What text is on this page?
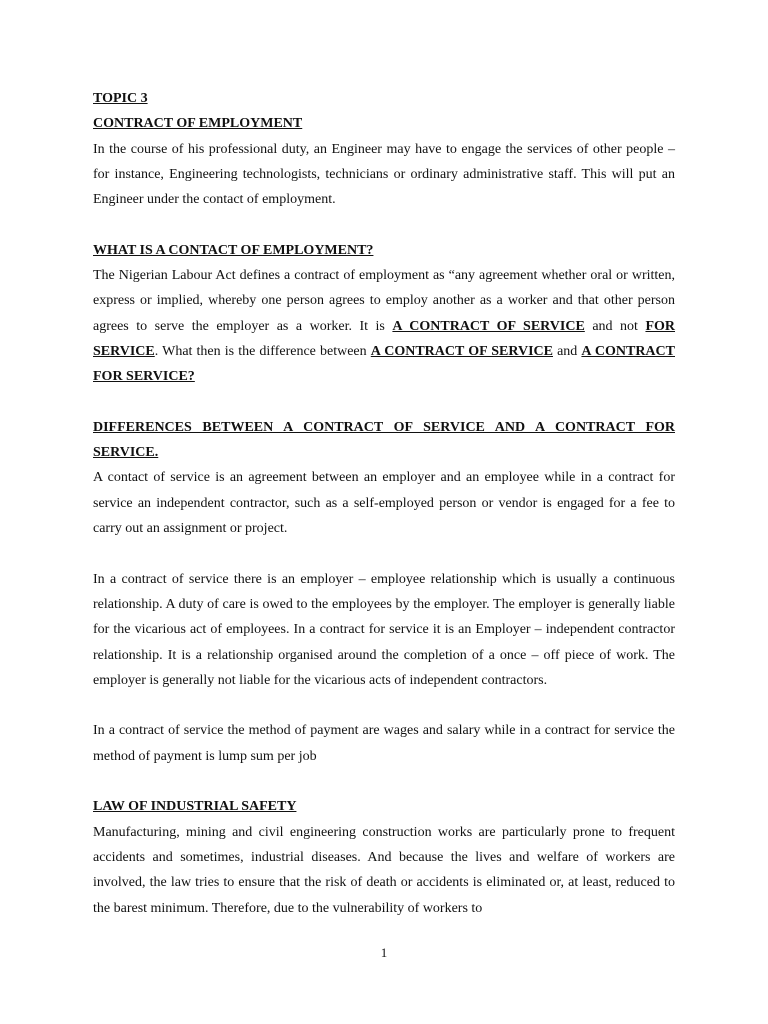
TOPIC 3
CONTRACT OF EMPLOYMENT

In the course of his professional duty, an Engineer may have to engage the services of other people – for instance, Engineering technologists, technicians or ordinary administrative staff. This will put an Engineer under the contact of employment.

WHAT IS A CONTACT OF EMPLOYMENT?

The Nigerian Labour Act defines a contract of employment as “any agreement whether oral or written, express or implied, whereby one person agrees to employ another as a worker and that other person agrees to serve the employer as a worker. It is A CONTRACT OF SERVICE and not FOR SERVICE. What then is the difference between A CONTRACT OF SERVICE and A CONTRACT FOR SERVICE?

DIFFERENCES BETWEEN A CONTRACT OF SERVICE AND A CONTRACT FOR SERVICE.

A contact of service is an agreement between an employer and an employee while in a contract for service an independent contractor, such as a self-employed person or vendor is engaged for a fee to carry out an assignment or project.

In a contract of service there is an employer – employee relationship which is usually a continuous relationship. A duty of care is owed to the employees by the employer. The employer is generally liable for the vicarious act of employees. In a contract for service it is an Employer – independent contractor relationship. It is a relationship organised around the completion of a once – off piece of work. The employer is generally not liable for the vicarious acts of independent contractors.

In a contract of service the method of payment are wages and salary while in a contract for service the method of payment is lump sum per job

LAW OF INDUSTRIAL SAFETY

Manufacturing, mining and civil engineering construction works are particularly prone to frequent accidents and sometimes, industrial diseases. And because the lives and welfare of workers are involved, the law tries to ensure that the risk of death or accidents is eliminated or, at least, reduced to the barest minimum. Therefore, due to the vulnerability of workers to

1
